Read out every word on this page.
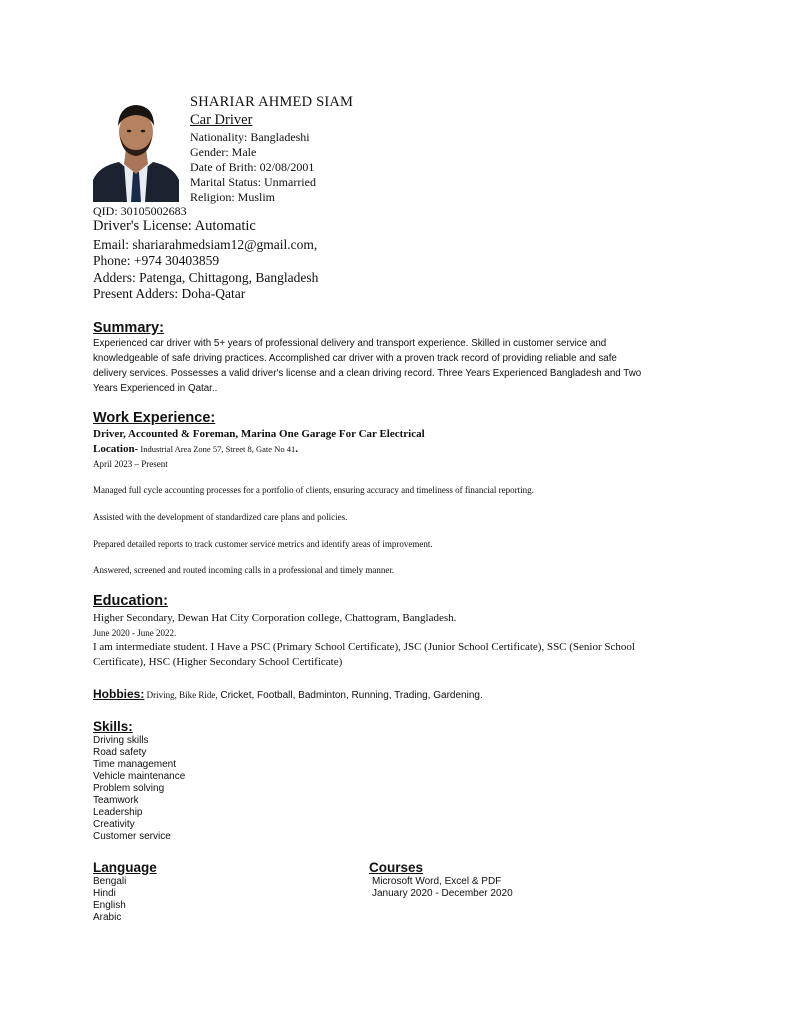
SHARIAR AHMED SIAM
Car Driver
Nationality: Bangladeshi
Gender: Male
Date of Brith: 02/08/2001
Marital Status: Unmarried
Religion: Muslim
QID: 30105002683
Driver's License: Automatic
Email: shariarahmedsiam12@gmail.com,
Phone: +974 30403859
Adders: Patenga, Chittagong, Bangladesh
Present Adders: Doha-Qatar
Summary:
Experienced car driver with 5+ years of professional delivery and transport experience. Skilled in customer service and
knowledgeable of safe driving practices. Accomplished car driver with a proven track record of providing reliable and safe
delivery services. Possesses a valid driver's license and a clean driving record. Three Years Experienced Bangladesh and Two
Years Experienced in Qatar..
Work Experience:
Driver, Accounted & Foreman, Marina One Garage For Car Electrical
Location- Industrial Area Zone 57, Street 8, Gate No 41.
April 2023 – Present
Managed full cycle accounting processes for a portfolio of clients, ensuring accuracy and timeliness of financial reporting.
Assisted with the development of standardized care plans and policies.
Prepared detailed reports to track customer service metrics and identify areas of improvement.
Answered, screened and routed incoming calls in a professional and timely manner.
Education:
Higher Secondary, Dewan Hat City Corporation college, Chattogram, Bangladesh.
June 2020 - June 2022.
I am intermediate student. I Have a PSC (Primary School Certificate), JSC (Junior School Certificate), SSC (Senior School
Certificate), HSC (Higher Secondary School Certificate)
Hobbies: Driving, Bike Ride, Cricket, Football, Badminton, Running, Trading, Gardening.
Skills:
Driving skills
Road safety
Time management
Vehicle maintenance
Problem solving
Teamwork
Leadership
Creativity
Customer service
Language
Bengali
Hindi
English
Arabic
Courses
Microsoft Word, Excel & PDF
January 2020 - December 2020
